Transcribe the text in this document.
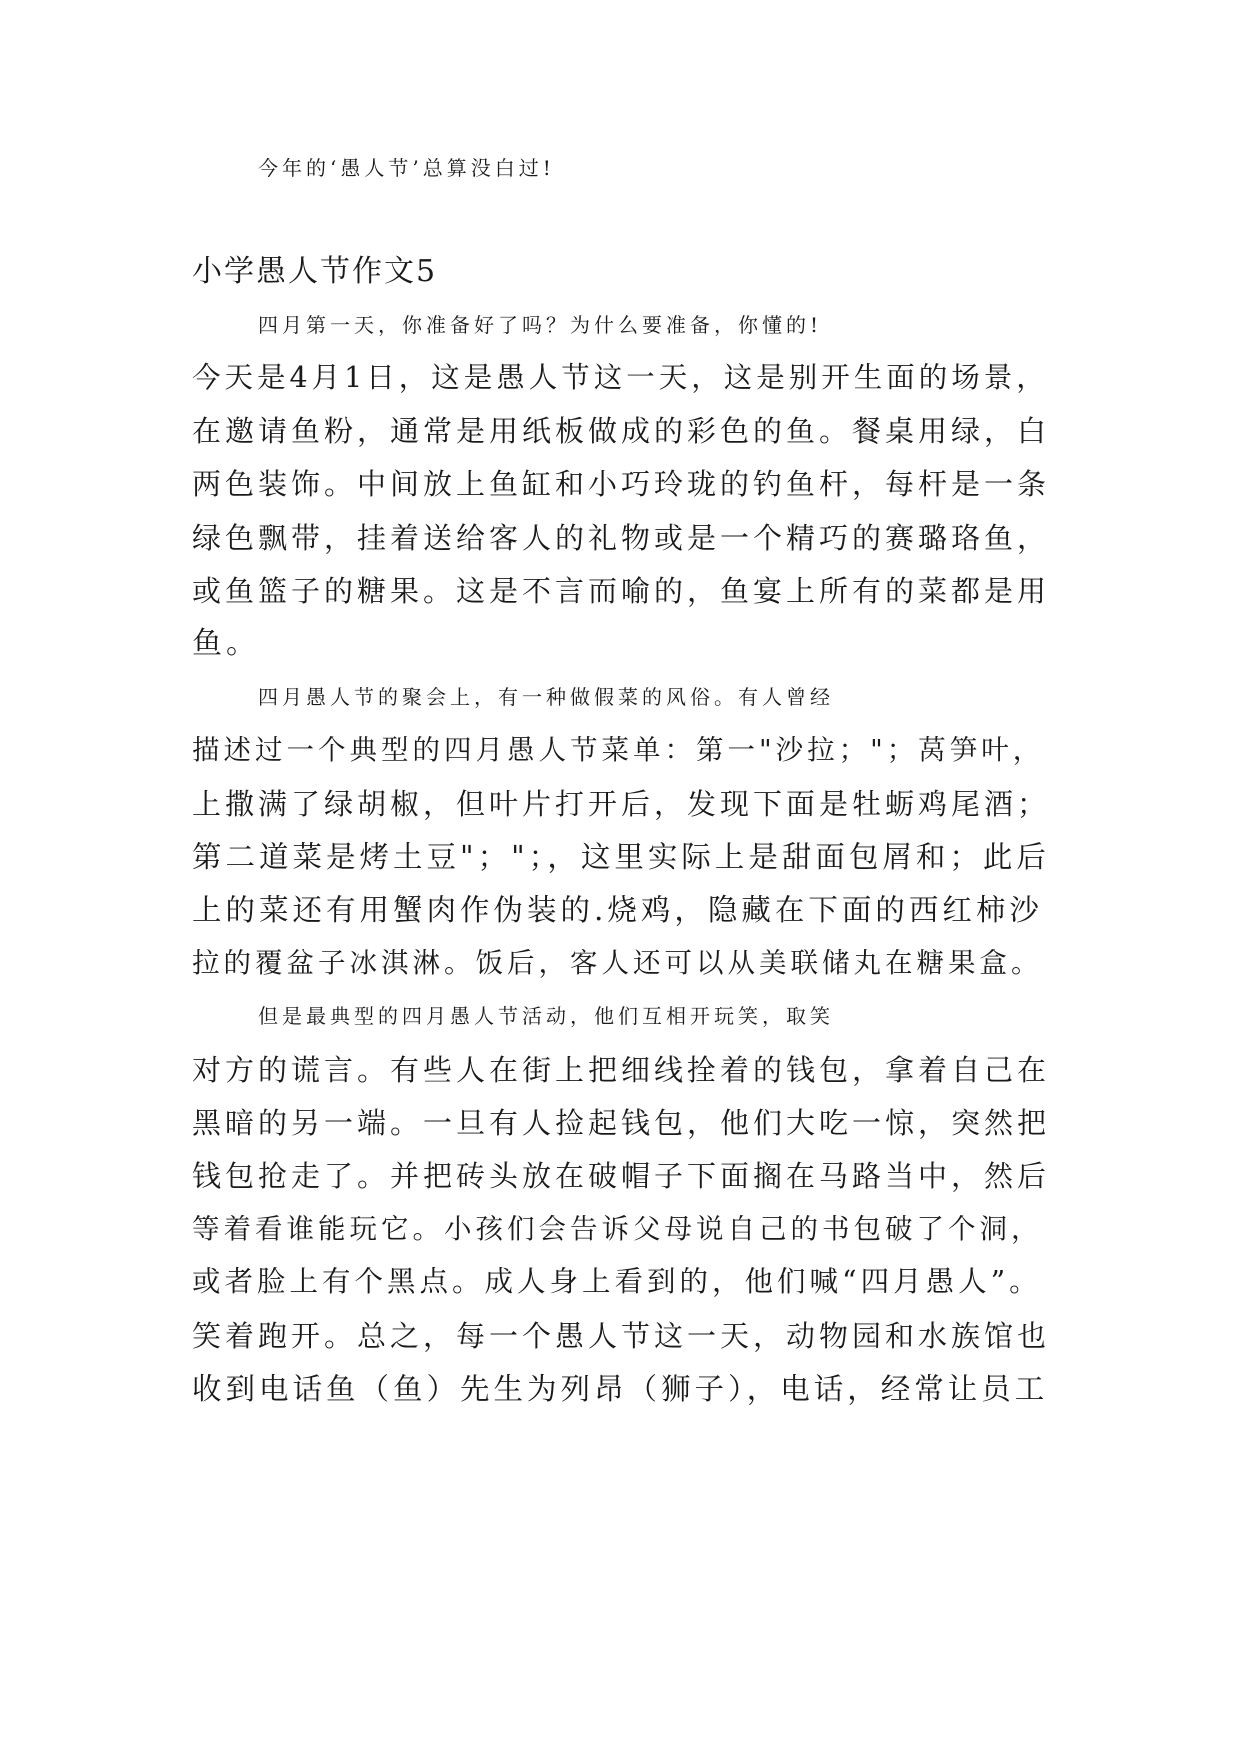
今年的‘愚人节’总算没白过!
小学愚人节作文5
四月第一天，你准备好了吗？为什么要准备，你懂的!
今天是4月1日，这是愚人节这一天，这是别开生面的场景，
在邀请鱼粉，通常是用纸板做成的彩色的鱼。餐桌用绿，白
两色装饰。中间放上鱼缸和小巧玲珑的钓鱼杆，每杆是一条
绿色飘带，挂着送给客人的礼物或是一个精巧的赛璐珞鱼，
或鱼篮子的糖果。这是不言而喻的，鱼宴上所有的菜都是用
鱼。
四月愚人节的聚会上，有一种做假菜的风俗。有人曾经
描述过一个典型的四月愚人节菜单：第一"沙拉；"；莴笋叶，
上撒满了绿胡椒，但叶片打开后，发现下面是牡蛎鸡尾酒；
第二道菜是烤土豆"；"；，这里实际上是甜面包屑和；此后
上的菜还有用蟹肉作伪装的.烧鸡，隐藏在下面的西红柿沙
拉的覆盆子冰淇淋。饭后，客人还可以从美联储丸在糖果盒。
但是最典型的四月愚人节活动，他们互相开玩笑，取笑
对方的谎言。有些人在街上把细线拴着的钱包，拿着自己在
黑暗的另一端。一旦有人捡起钱包，他们大吃一惊，突然把
钱包抢走了。并把砖头放在破帽子下面搁在马路当中，然后
等着看谁能玩它。小孩们会告诉父母说自己的书包破了个洞，
或者脸上有个黑点。成人身上看到的，他们喊“四月愚人”。
笑着跑开。总之，每一个愚人节这一天，动物园和水族馆也
收到电话鱼（鱼）先生为列昂（狮子），电话，经常让员工
